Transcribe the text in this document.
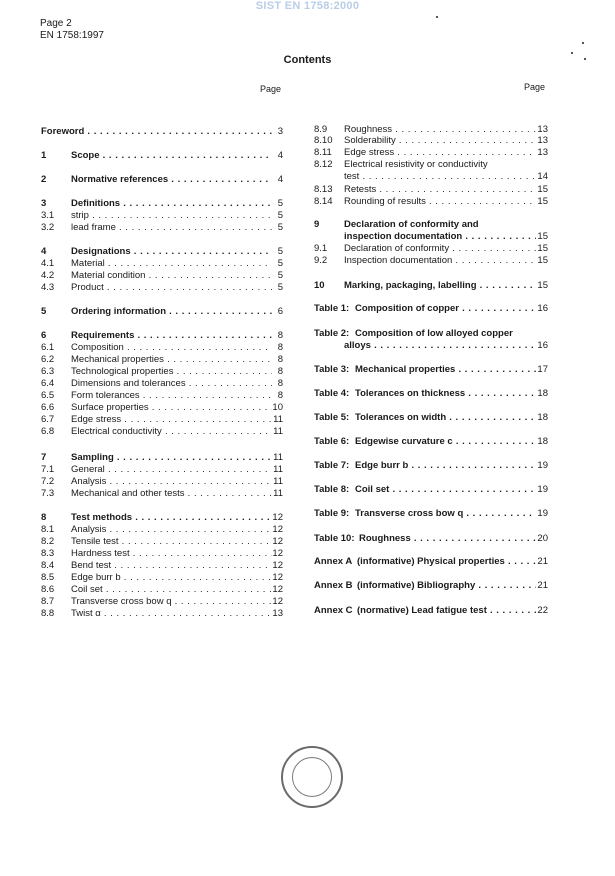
SIST EN 1758:2000
Page 2
EN 1758:1997
Contents
Page	Page
Foreword . . .	3
1	Scope . . .	4
2	Normative references . . .	4
3	Definitions . . .	5
3.1 strip . . .	5
3.2 lead frame . . .	5
4	Designations . . .	5
4.1 Material . . .	5
4.2 Material condition . . .	5
4.3 Product . . .	5
5	Ordering information . . .	6
6	Requirements . . .	8
6.1 Composition . . .	8
6.2 Mechanical properties . . .	8
6.3 Technological properties . . .	8
6.4 Dimensions and tolerances . . .	8
6.5 Form tolerances . . .	8
6.6 Surface properties . . .	10
6.7 Edge stress . . .	11
6.8 Electrical conductivity . . .	11
7	Sampling . . .	11
7.1 General . . .	11
7.2 Analysis . . .	11
7.3 Mechanical and other tests . . .	11
8	Test methods . . .	12
8.1 Analysis . . .	12
8.2 Tensile test . . .	12
8.3 Hardness test . . .	12
8.4 Bend test . . .	12
8.5 Edge burr b . . .	12
8.6 Coil set . . .	12
8.7 Transverse cross bow q . . .	12
8.8 Twist α . . .	13
8.9 Roughness . . .	13
8.10 Solderability . . .	13
8.11 Edge stress . . .	13
8.12 Electrical resistivity or conductivity
test . . .	14
8.13 Retests . . .	15
8.14 Rounding of results . . .	15
9	Declaration of conformity and
inspection documentation . . .	15
9.1 Declaration of conformity . . .	15
9.2 Inspection documentation . . .	15
10 Marking, packaging, labelling . . .	15
Table 1: Composition of copper . . .	16
Table 2: Composition of low alloyed copper
alloys . . .	16
Table 3: Mechanical properties . . .	17
Table 4: Tolerances on thickness . . .	18
Table 5: Tolerances on width . . .	18
Table 6: Edgewise curvature c . . .	18
Table 7: Edge burr b . . .	19
Table 8: Coil set . . .	19
Table 9: Transverse cross bow q . . .	19
Table 10: Roughness . . .	20
Annex A (informative) Physical properties . . .	21
Annex B (informative) Bibliography . . .	21
Annex C (normative) Lead fatigue test . . .	22
